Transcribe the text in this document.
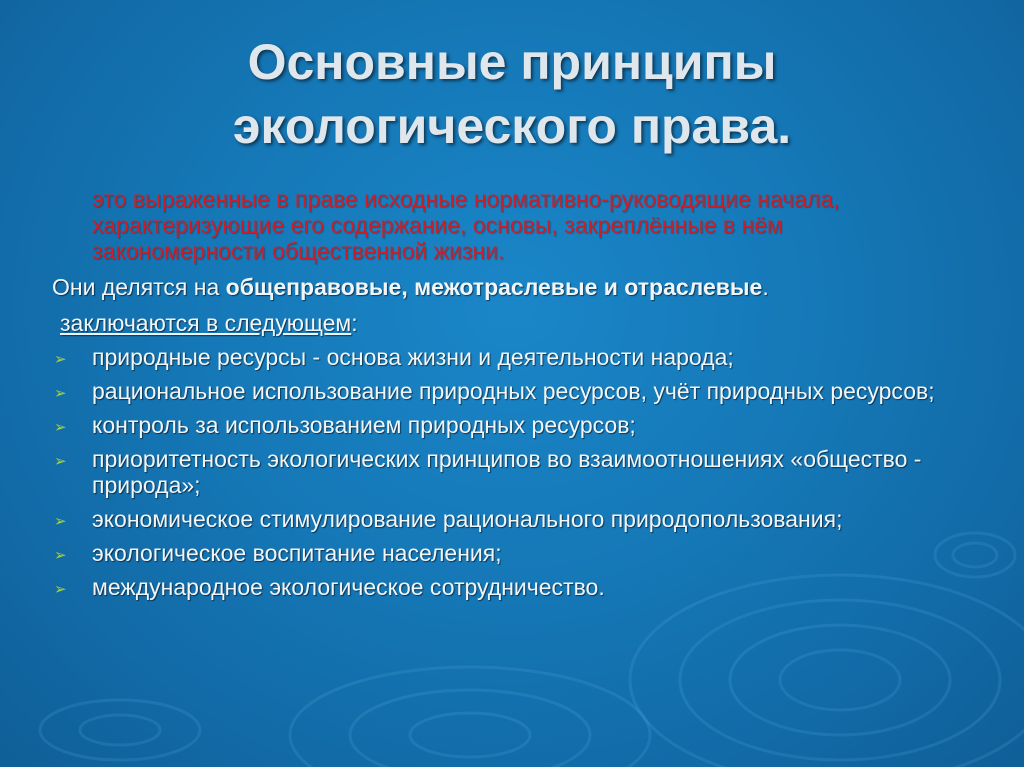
Основные принципы
экологического права.
это выраженные в праве исходные нормативно-руководящие начала, характеризующие его содержание, основы, закреплённые в нём закономерности общественной жизни.
Они делятся на общеправовые, межотраслевые и отраслевые.
заключаются в следующем:
➢ природные ресурсы - основа жизни и деятельности народа;
➢ рациональное использование природных ресурсов, учёт природных ресурсов;
➢ контроль за использованием природных ресурсов;
➢ приоритетность экологических принципов во взаимоотношениях «общество - природа»;
➢ экономическое стимулирование рационального природопользования;
➢ экологическое воспитание населения;
➢ международное экологическое сотрудничество.
